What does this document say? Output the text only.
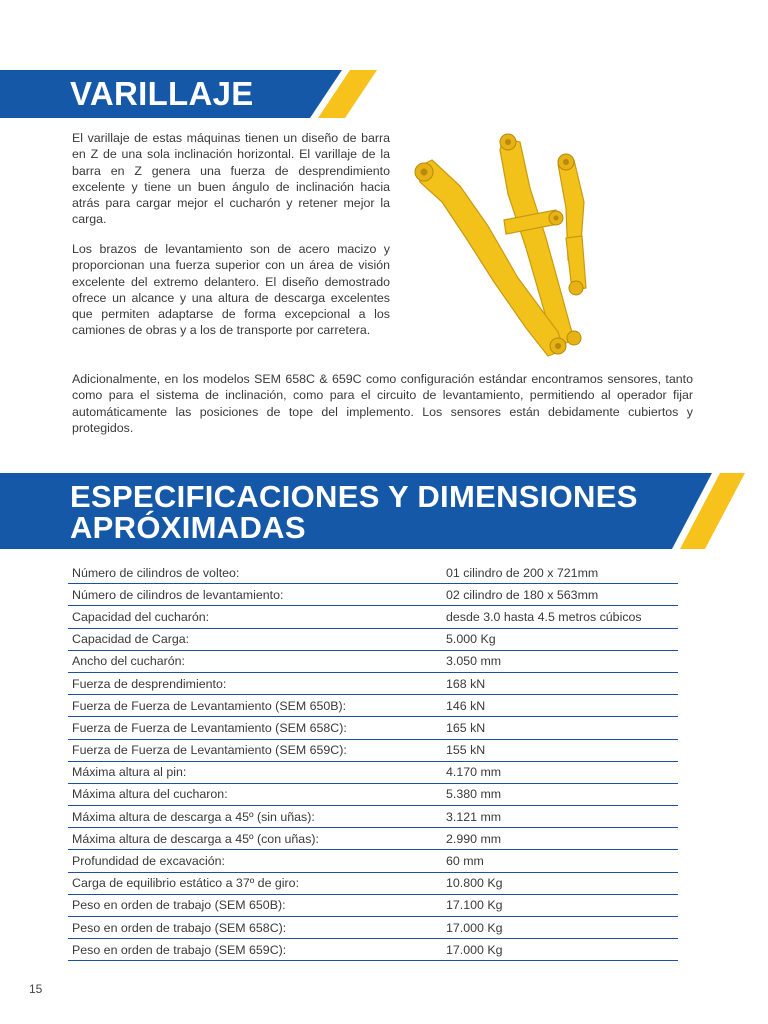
VARILLAJE

El varillaje de estas máquinas tienen un diseño de barra en Z de una sola inclinación horizontal. El varillaje de la barra en Z genera una fuerza de desprendimiento excelente y tiene un buen ángulo de inclinación hacia atrás para cargar mejor el cucharón y retener mejor la carga.

Los brazos de levantamiento son de acero macizo y proporcionan una fuerza superior con un área de visión excelente del extremo delantero. El diseño demostrado ofrece un alcance y una altura de descarga excelentes que permiten adaptarse de forma excepcional a los camiones de obras y a los de transporte por carretera.

Adicionalmente, en los modelos SEM 658C & 659C como configuración estándar encontramos sensores, tanto como para el sistema de inclinación, como para el circuito de levantamiento, permitiendo al operador fijar automáticamente las posiciones de tope del implemento. Los sensores están debidamente cubiertos y protegidos.

ESPECIFICACIONES Y DIMENSIONES
APRÓXIMADAS
Número de cilindros de volteo:	01 cilindro de 200 x 721mm
Número de cilindros de levantamiento:	02 cilindro de 180 x 563mm
Capacidad del cucharón:	desde 3.0 hasta 4.5 metros cúbicos
Capacidad de Carga:	5.000 Kg
Ancho del cucharón:	3.050 mm
Fuerza de desprendimiento:	168 kN
Fuerza de Fuerza de Levantamiento (SEM 650B):	146 kN
Fuerza de Fuerza de Levantamiento (SEM 658C):	165 kN
Fuerza de Fuerza de Levantamiento (SEM 659C):	155 kN
Máxima altura al pin:	4.170 mm
Máxima altura del cucharon:	5.380 mm
Máxima altura de descarga a 45º (sin uñas):	3.121 mm
Máxima altura de descarga a 45º (con uñas):	2.990 mm
Profundidad de excavación:	60 mm
Carga de equilibrio estático a 37º de giro:	10.800 Kg
Peso en orden de trabajo (SEM 650B):	17.100 Kg
Peso en orden de trabajo (SEM 658C):	17.000 Kg
Peso en orden de trabajo (SEM 659C):	17.000 Kg
15
